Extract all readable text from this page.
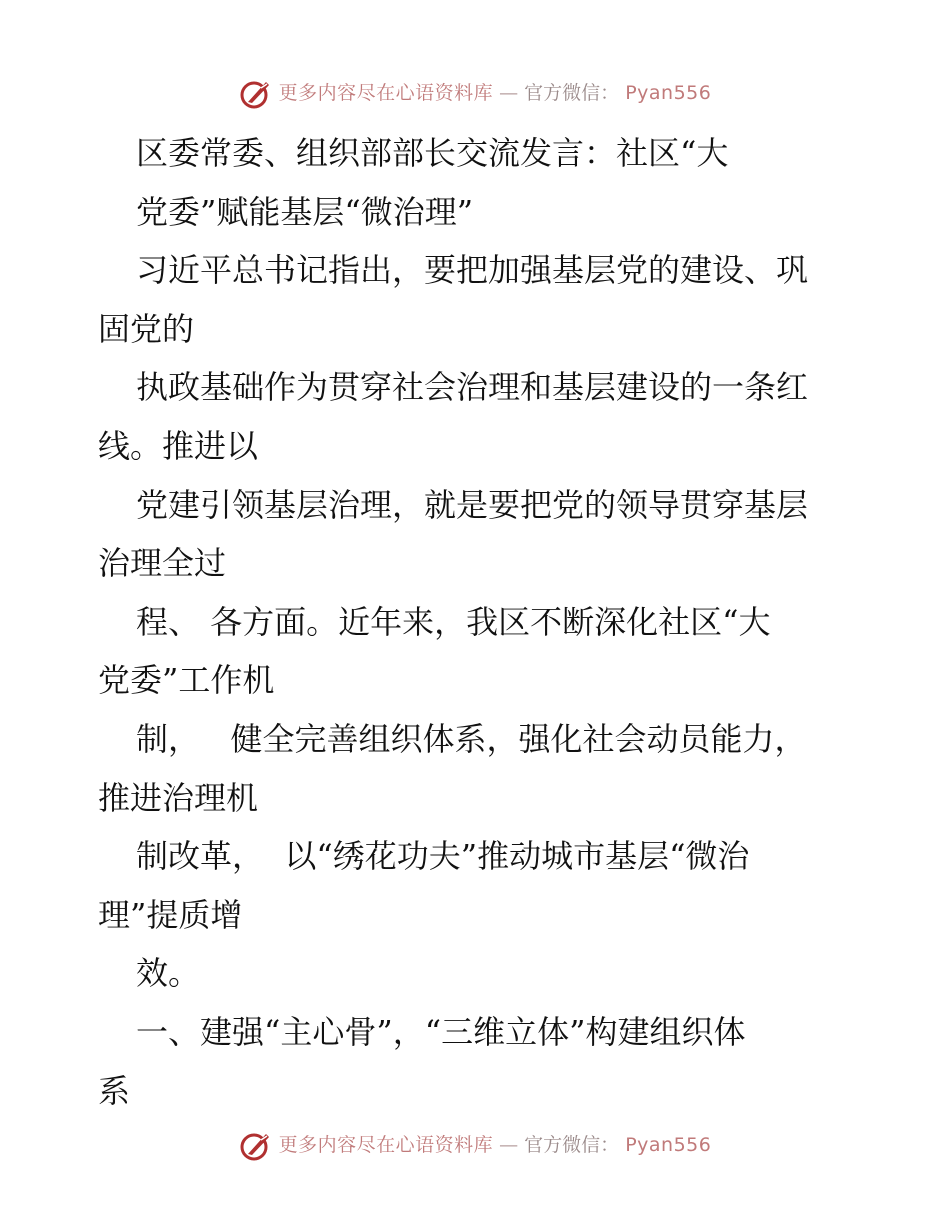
更多内容尽在心语资料库 — 官方微信： Pyan556
区委常委、组织部部长交流发言：社区“大
党委”赋能基层“微治理”
习近平总书记指出，要把加强基层党的建设、巩
固党的
执政基础作为贯穿社会治理和基层建设的一条红
线。推进以
党建引领基层治理，就是要把党的领导贯穿基层
治理全过
程、 各方面。近年来，我区不断深化社区“大
党委”工作机
制，   健全完善组织体系，强化社会动员能力，
推进治理机
制改革，  以“绣花功夫”推动城市基层“微治
理”提质增
效。
一、建强“主心骨”，“三维立体”构建组织体
系
更多内容尽在心语资料库 — 官方微信： Pyan556
